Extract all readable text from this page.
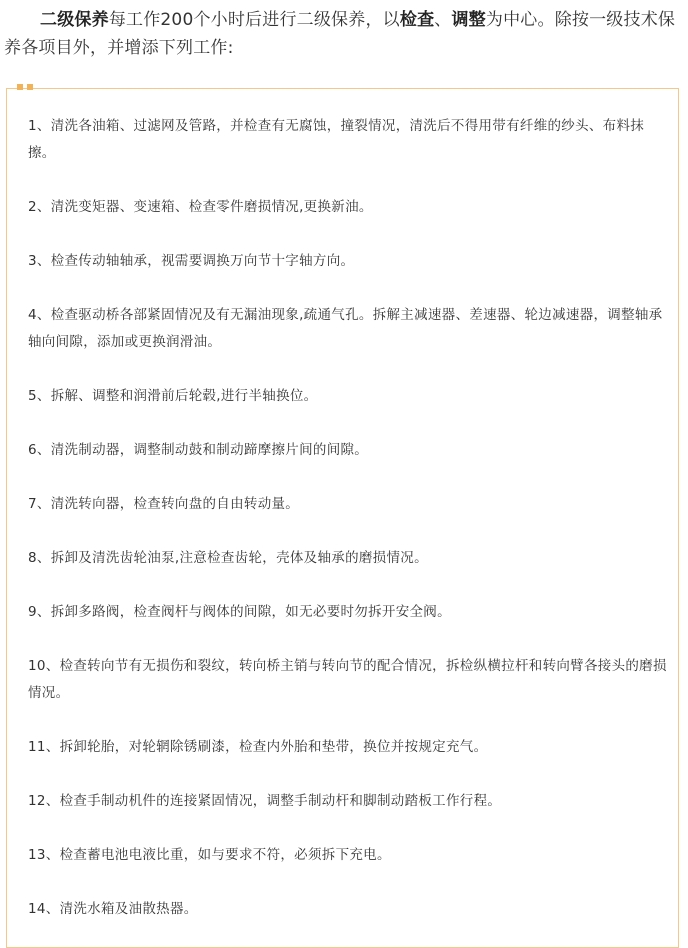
二级保养每工作200个小时后进行二级保养，以检查、调整为中心。除按一级技术保养各项目外，并增添下列工作:

1、清洗各油箱、过滤网及管路，并检查有无腐蚀，撞裂情况，清洗后不得用带有纤维的纱头、布料抹擦。
2、清洗变矩器、变速箱、检查零件磨损情况,更换新油。
3、检查传动轴轴承，视需要调换万向节十字轴方向。
4、检查驱动桥各部紧固情况及有无漏油现象,疏通气孔。拆解主减速器、差速器、轮边减速器，调整轴承轴向间隙，添加或更换润滑油。
5、拆解、调整和润滑前后轮毂,进行半轴换位。
6、清洗制动器，调整制动鼓和制动蹄摩擦片间的间隙。
7、清洗转向器，检查转向盘的自由转动量。
8、拆卸及清洗齿轮油泵,注意检查齿轮，壳体及轴承的磨损情况。
9、拆卸多路阀，检查阀杆与阀体的间隙，如无必要时勿拆开安全阀。
10、检查转向节有无损伤和裂纹，转向桥主销与转向节的配合情况，拆检纵横拉杆和转向臂各接头的磨损情况。
11、拆卸轮胎，对轮辋除锈刷漆，检查内外胎和垫带，换位并按规定充气。
12、检查手制动机件的连接紧固情况，调整手制动杆和脚制动踏板工作行程。
13、检查蓄电池电液比重，如与要求不符，必须拆下充电。
14、清洗水箱及油散热器。
